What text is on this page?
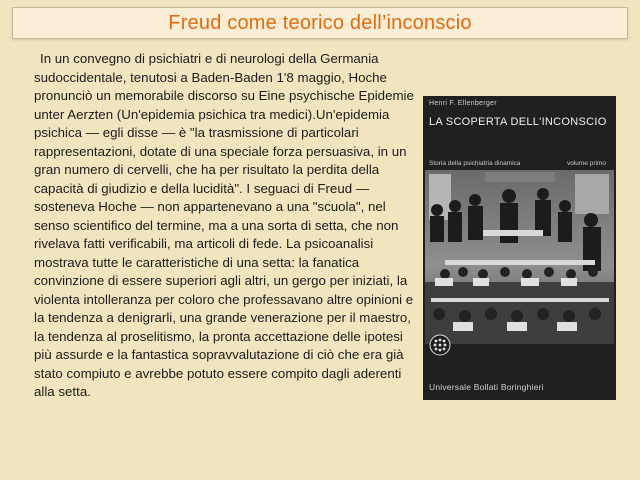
Freud come teorico dell’inconscio

In un convegno di psichiatri e di neurologi della Germania sudoccidentale, tenutosi a Baden-Baden 1'8 maggio, Hoche pronunciò un memorabile discorso su Eine psychische Epidemie unter Aerzten (Un'epidemia psichica tra medici).Un'epidemia psichica — egli disse — è "la trasmissione di particolari rappresentazioni, dotate di una speciale forza persuasiva, in un gran numero di cervelli, che ha per risultato la perdita della capacità di giudizio e della lucidità". I seguaci di Freud — sosteneva Hoche — non appartenevano a una "scuola", nel senso scientifico del termine, ma a una sorta di setta, che non rivelava fatti verificabili, ma articoli di fede. La psicoanalisi mostrava tutte le caratteristiche di una setta: la fanatica convinzione di essere superiori agli altri, un gergo per iniziati, la violenta intolleranza per coloro che professavano altre opinioni e la tendenza a denigrarli, una grande venerazione per il maestro, la tendenza al proselitismo, la pronta accettazione delle ipotesi più assurde e la fantastica sopravvalutazione di ciò che era già stato compiuto e avrebbe potuto essere compito dagli aderenti alla setta.

Henri F. Ellenberger
LA SCOPERTA DELL'INCONSCIO
Storia della psichiatria dinamica	volume primo
Universale Bollati Boringhieri
